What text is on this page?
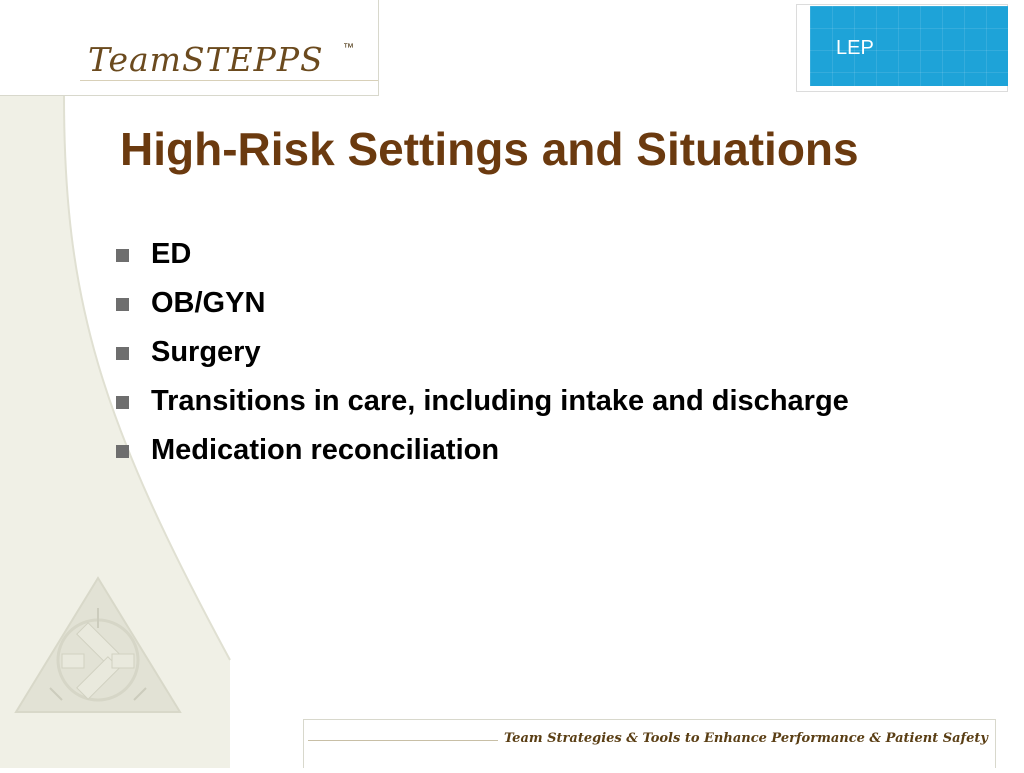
TeamSTEPPS ™	LEP
High-Risk Settings and Situations
ED
OB/GYN
Surgery
Transitions in care, including intake and discharge
Medication reconciliation
Team Strategies & Tools to Enhance Performance & Patient Safety
